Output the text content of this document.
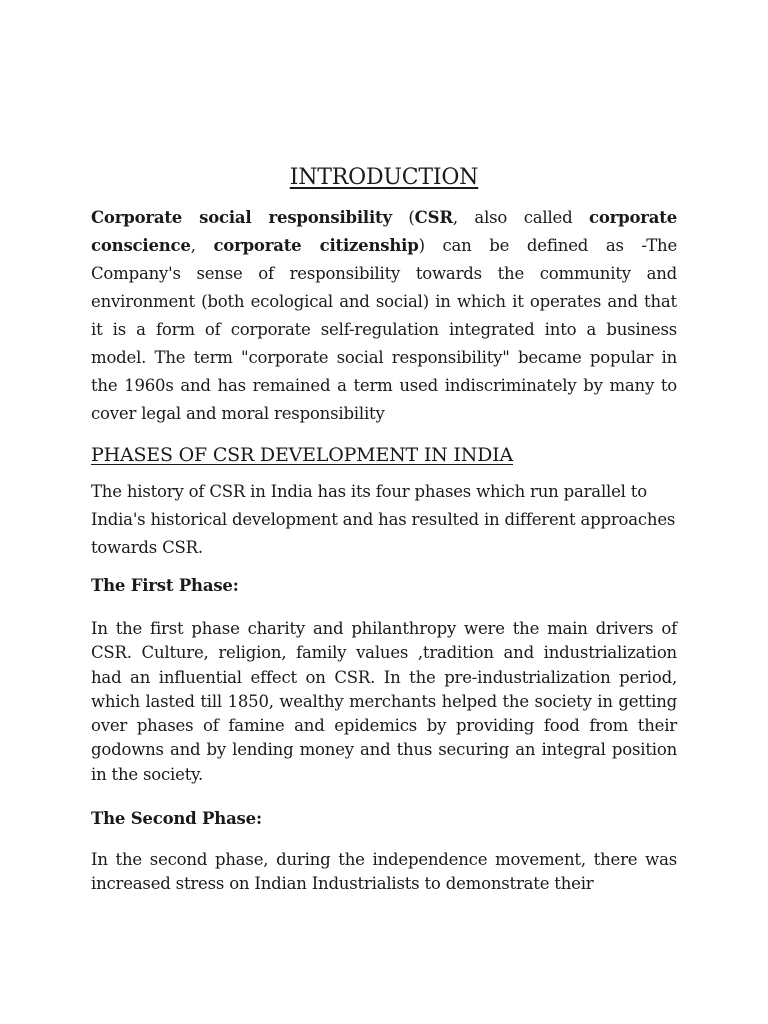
INTRODUCTION

Corporate social responsibility (CSR, also called corporate conscience, corporate citizenship) can be defined as -The Company's sense of responsibility towards the community and environment (both ecological and social) in which it operates and that it is a form of corporate self-regulation integrated into a business model. The term "corporate social responsibility" became popular in the 1960s and has remained a term used indiscriminately by many to cover legal and moral responsibility

PHASES OF CSR DEVELOPMENT IN INDIA

The history of CSR in India has its four phases which run parallel to India's historical development and has resulted in different approaches towards CSR.

The First Phase:

In the first phase charity and philanthropy were the main drivers of CSR. Culture, religion, family values ,tradition and industrialization had an influential effect on CSR. In the pre-industrialization period, which lasted till 1850, wealthy merchants helped the society in getting over phases of famine and epidemics by providing food from their godowns and by lending money and thus securing an integral position in the society.

The Second Phase:

In the second phase, during the independence movement, there was increased stress on Indian Industrialists to demonstrate their
